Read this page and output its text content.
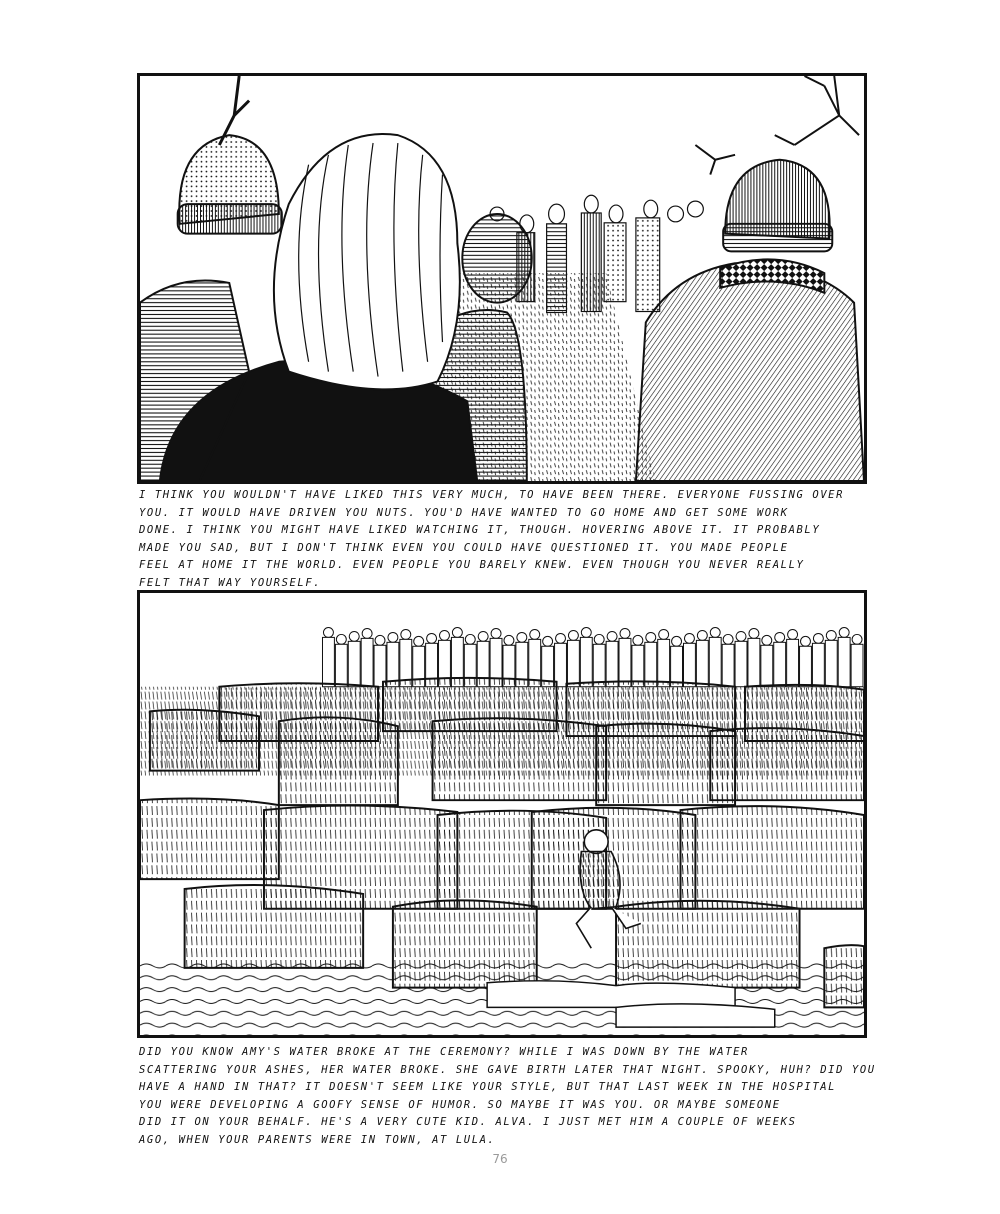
I THINK YOU WOULDN'T HAVE LIKED THIS VERY MUCH, TO HAVE BEEN THERE. EVERYONE FUSSING OVER
YOU. IT WOULD HAVE DRIVEN YOU NUTS. YOU'D HAVE WANTED TO GO HOME AND GET SOME WORK
DONE. I THINK YOU MIGHT HAVE LIKED WATCHING IT, THOUGH. HOVERING ABOVE IT. IT PROBABLY
MADE YOU SAD, BUT I DON'T THINK EVEN YOU COULD HAVE QUESTIONED IT. YOU MADE PEOPLE
FEEL AT HOME IT THE WORLD. EVEN PEOPLE YOU BARELY KNEW. EVEN THOUGH YOU NEVER REALLY
FELT THAT WAY YOURSELF.
DID YOU KNOW AMY'S WATER BROKE AT THE CEREMONY? WHILE I WAS DOWN BY THE WATER
SCATTERING YOUR ASHES, HER WATER BROKE. SHE GAVE BIRTH LATER THAT NIGHT. SPOOKY, HUH? DID YOU
HAVE A HAND IN THAT? IT DOESN'T SEEM LIKE YOUR STYLE, BUT THAT LAST WEEK IN THE HOSPITAL
YOU WERE DEVELOPING A GOOFY SENSE OF HUMOR. SO MAYBE IT WAS YOU. OR MAYBE SOMEONE
DID IT ON YOUR BEHALF. HE'S A VERY CUTE KID. ALVA. I JUST MET HIM A COUPLE OF WEEKS
AGO, WHEN YOUR PARENTS WERE IN TOWN, AT LULA.
76
